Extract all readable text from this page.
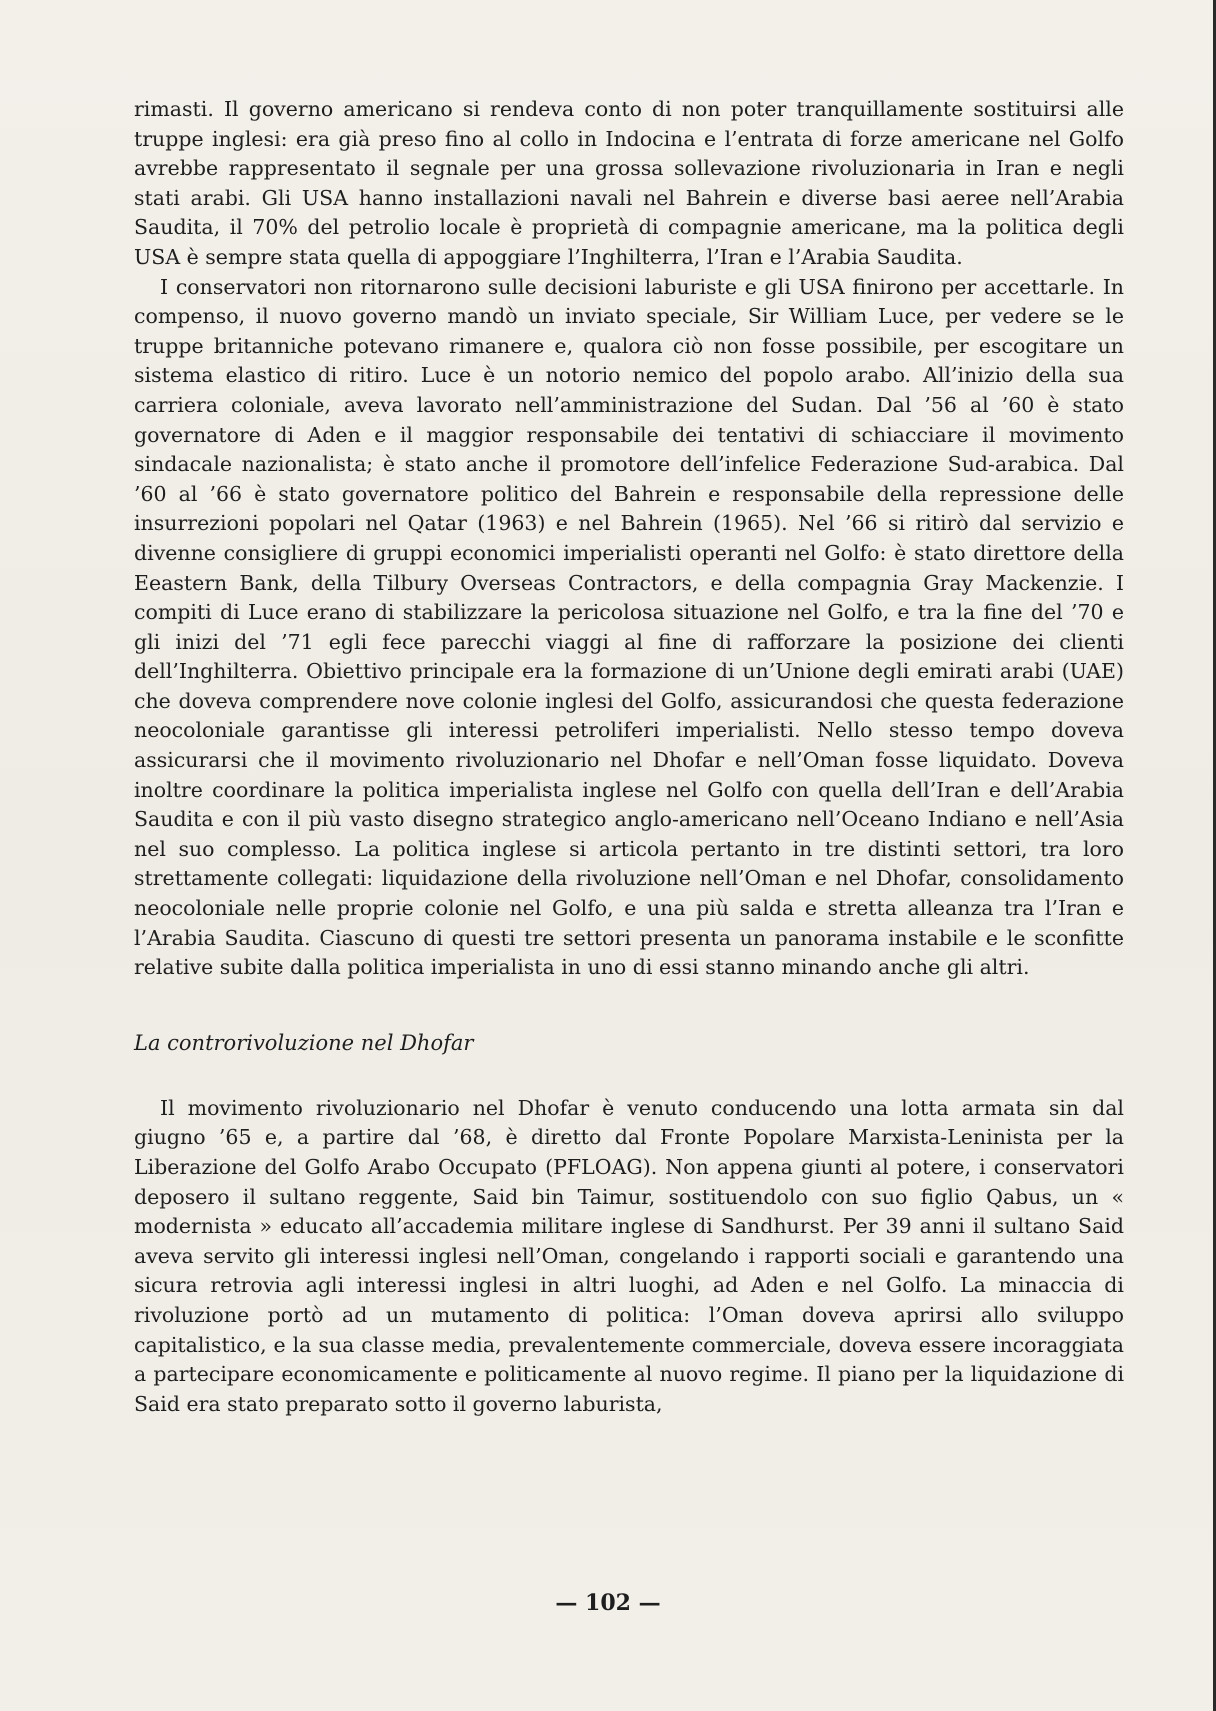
rimasti. Il governo americano si rendeva conto di non poter tranquillamente sostituirsi alle truppe inglesi: era già preso fino al collo in Indocina e l’entrata di forze americane nel Golfo avrebbe rappresentato il segnale per una grossa sollevazione rivoluzionaria in Iran e negli stati arabi. Gli USA hanno installazioni navali nel Bahrein e diverse basi aeree nell’Arabia Saudita, il 70% del petrolio locale è proprietà di compagnie americane, ma la politica degli USA è sempre stata quella di appoggiare l’Inghilterra, l’Iran e l’Arabia Saudita.

I conservatori non ritornarono sulle decisioni laburiste e gli USA finirono per accettarle. In compenso, il nuovo governo mandò un inviato speciale, Sir William Luce, per vedere se le truppe britanniche potevano rimanere e, qualora ciò non fosse possibile, per escogitare un sistema elastico di ritiro. Luce è un notorio nemico del popolo arabo. All’inizio della sua carriera coloniale, aveva lavorato nell’amministrazione del Sudan. Dal ’56 al ’60 è stato governatore di Aden e il maggior responsabile dei tentativi di schiacciare il movimento sindacale nazionalista; è stato anche il promotore dell’infelice Federazione Sud-arabica. Dal ’60 al ’66 è stato governatore politico del Bahrein e responsabile della repressione delle insurrezioni popolari nel Qatar (1963) e nel Bahrein (1965). Nel ’66 si ritirò dal servizio e divenne consigliere di gruppi economici imperialisti operanti nel Golfo: è stato direttore della Eeastern Bank, della Tilbury Overseas Contractors, e della compagnia Gray Mackenzie. I compiti di Luce erano di stabilizzare la pericolosa situazione nel Golfo, e tra la fine del ’70 e gli inizi del ’71 egli fece parecchi viaggi al fine di rafforzare la posizione dei clienti dell’Inghilterra. Obiettivo principale era la formazione di un’Unione degli emirati arabi (UAE) che doveva comprendere nove colonie inglesi del Golfo, assicurandosi che questa federazione neocoloniale garantisse gli interessi petroliferi imperialisti. Nello stesso tempo doveva assicurarsi che il movimento rivoluzionario nel Dhofar e nell’Oman fosse liquidato. Doveva inoltre coordinare la politica imperialista inglese nel Golfo con quella dell’Iran e dell’Arabia Saudita e con il più vasto disegno strategico anglo-americano nell’Oceano Indiano e nell’Asia nel suo complesso. La politica inglese si articola pertanto in tre distinti settori, tra loro strettamente collegati: liquidazione della rivoluzione nell’Oman e nel Dhofar, consolidamento neocoloniale nelle proprie colonie nel Golfo, e una più salda e stretta alleanza tra l’Iran e l’Arabia Saudita. Ciascuno di questi tre settori presenta un panorama instabile e le sconfitte relative subite dalla politica imperialista in uno di essi stanno minando anche gli altri.

La controrivoluzione nel Dhofar

Il movimento rivoluzionario nel Dhofar è venuto conducendo una lotta armata sin dal giugno ’65 e, a partire dal ’68, è diretto dal Fronte Popolare Marxista-Leninista per la Liberazione del Golfo Arabo Occupato (PFLOAG). Non appena giunti al potere, i conservatori deposero il sultano reggente, Said bin Taimur, sostituendolo con suo figlio Qabus, un « modernista » educato all’accademia militare inglese di Sandhurst. Per 39 anni il sultano Said aveva servito gli interessi inglesi nell’Oman, congelando i rapporti sociali e garantendo una sicura retrovia agli interessi inglesi in altri luoghi, ad Aden e nel Golfo. La minaccia di rivoluzione portò ad un mutamento di politica: l’Oman doveva aprirsi allo sviluppo capitalistico, e la sua classe media, prevalentemente commerciale, doveva essere incoraggiata a partecipare economicamente e politicamente al nuovo regime. Il piano per la liquidazione di Said era stato preparato sotto il governo laburista,

— 102 —
